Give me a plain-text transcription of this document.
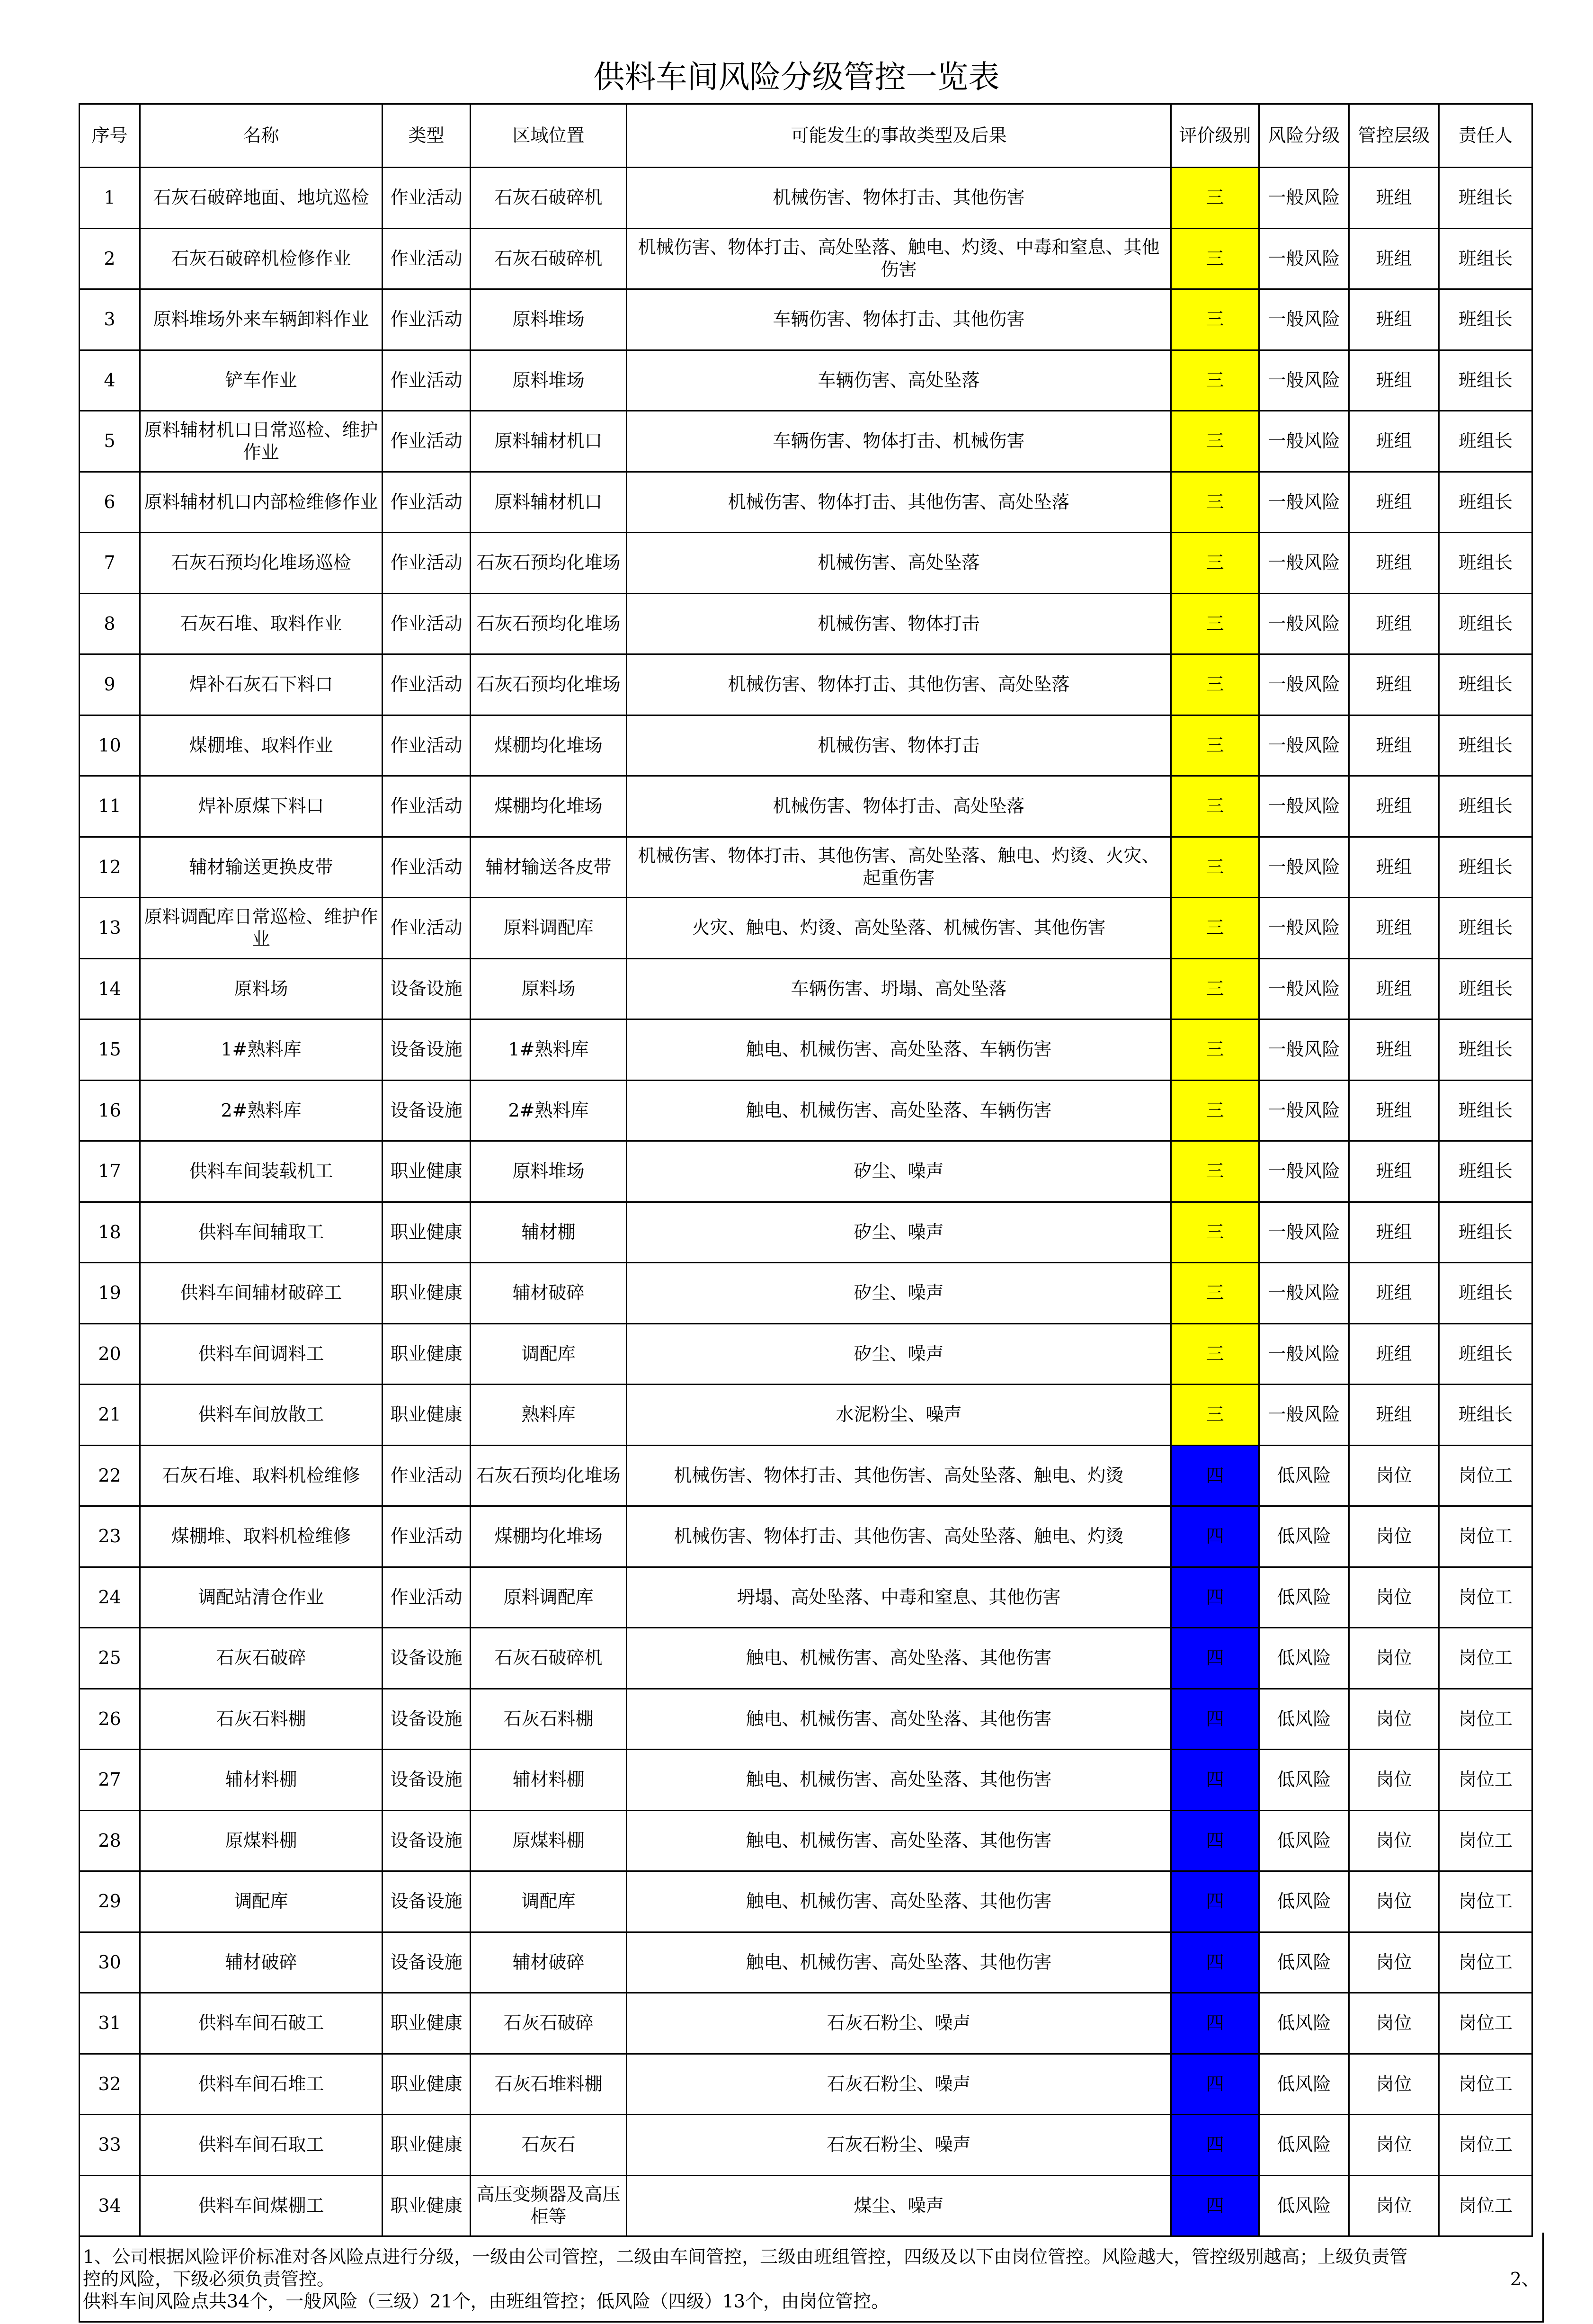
供料车间风险分级管控一览表
序号	名称	类型	区域位置	可能发生的事故类型及后果	评价级别	风险分级	管控层级	责任人
1	石灰石破碎地面、地坑巡检	作业活动	石灰石破碎机	机械伤害、物体打击、其他伤害	三	一般风险	班组	班组长
2	石灰石破碎机检修作业	作业活动	石灰石破碎机	机械伤害、物体打击、高处坠落、触电、灼烫、中毒和窒息、其他伤害	三	一般风险	班组	班组长
3	原料堆场外来车辆卸料作业	作业活动	原料堆场	车辆伤害、物体打击、其他伤害	三	一般风险	班组	班组长
4	铲车作业	作业活动	原料堆场	车辆伤害、高处坠落	三	一般风险	班组	班组长
5	原料辅材机口日常巡检、维护作业	作业活动	原料辅材机口	车辆伤害、物体打击、机械伤害	三	一般风险	班组	班组长
6	原料辅材机口内部检维修作业	作业活动	原料辅材机口	机械伤害、物体打击、其他伤害、高处坠落	三	一般风险	班组	班组长
7	石灰石预均化堆场巡检	作业活动	石灰石预均化堆场	机械伤害、高处坠落	三	一般风险	班组	班组长
8	石灰石堆、取料作业	作业活动	石灰石预均化堆场	机械伤害、物体打击	三	一般风险	班组	班组长
9	焊补石灰石下料口	作业活动	石灰石预均化堆场	机械伤害、物体打击、其他伤害、高处坠落	三	一般风险	班组	班组长
10	煤棚堆、取料作业	作业活动	煤棚均化堆场	机械伤害、物体打击	三	一般风险	班组	班组长
11	焊补原煤下料口	作业活动	煤棚均化堆场	机械伤害、物体打击、高处坠落	三	一般风险	班组	班组长
12	辅材输送更换皮带	作业活动	辅材输送各皮带	机械伤害、物体打击、其他伤害、高处坠落、触电、灼烫、火灾、起重伤害	三	一般风险	班组	班组长
13	原料调配库日常巡检、维护作业	作业活动	原料调配库	火灾、触电、灼烫、高处坠落、机械伤害、其他伤害	三	一般风险	班组	班组长
14	原料场	设备设施	原料场	车辆伤害、坍塌、高处坠落	三	一般风险	班组	班组长
15	1#熟料库	设备设施	1#熟料库	触电、机械伤害、高处坠落、车辆伤害	三	一般风险	班组	班组长
16	2#熟料库	设备设施	2#熟料库	触电、机械伤害、高处坠落、车辆伤害	三	一般风险	班组	班组长
17	供料车间装载机工	职业健康	原料堆场	矽尘、噪声	三	一般风险	班组	班组长
18	供料车间辅取工	职业健康	辅材棚	矽尘、噪声	三	一般风险	班组	班组长
19	供料车间辅材破碎工	职业健康	辅材破碎	矽尘、噪声	三	一般风险	班组	班组长
20	供料车间调料工	职业健康	调配库	矽尘、噪声	三	一般风险	班组	班组长
21	供料车间放散工	职业健康	熟料库	水泥粉尘、噪声	三	一般风险	班组	班组长
22	石灰石堆、取料机检维修	作业活动	石灰石预均化堆场	机械伤害、物体打击、其他伤害、高处坠落、触电、灼烫	四	低风险	岗位	岗位工
23	煤棚堆、取料机检维修	作业活动	煤棚均化堆场	机械伤害、物体打击、其他伤害、高处坠落、触电、灼烫	四	低风险	岗位	岗位工
24	调配站清仓作业	作业活动	原料调配库	坍塌、高处坠落、中毒和窒息、其他伤害	四	低风险	岗位	岗位工
25	石灰石破碎	设备设施	石灰石破碎机	触电、机械伤害、高处坠落、其他伤害	四	低风险	岗位	岗位工
26	石灰石料棚	设备设施	石灰石料棚	触电、机械伤害、高处坠落、其他伤害	四	低风险	岗位	岗位工
27	辅材料棚	设备设施	辅材料棚	触电、机械伤害、高处坠落、其他伤害	四	低风险	岗位	岗位工
28	原煤料棚	设备设施	原煤料棚	触电、机械伤害、高处坠落、其他伤害	四	低风险	岗位	岗位工
29	调配库	设备设施	调配库	触电、机械伤害、高处坠落、其他伤害	四	低风险	岗位	岗位工
30	辅材破碎	设备设施	辅材破碎	触电、机械伤害、高处坠落、其他伤害	四	低风险	岗位	岗位工
31	供料车间石破工	职业健康	石灰石破碎	石灰石粉尘、噪声	四	低风险	岗位	岗位工
32	供料车间石堆工	职业健康	石灰石堆料棚	石灰石粉尘、噪声	四	低风险	岗位	岗位工
33	供料车间石取工	职业健康	石灰石	石灰石粉尘、噪声	四	低风险	岗位	岗位工
34	供料车间煤棚工	职业健康	高压变频器及高压柜等	煤尘、噪声	四	低风险	岗位	岗位工
1、公司根据风险评价标准对各风险点进行分级，一级由公司管控，二级由车间管控，三级由班组管控，四级及以下由岗位管控。风险越大，管控级别越高；上级负责管
控的风险，下级必须负责管控。	2、
供料车间风险点共34个，一般风险（三级）21个，由班组管控；低风险（四级）13个，由岗位管控。
